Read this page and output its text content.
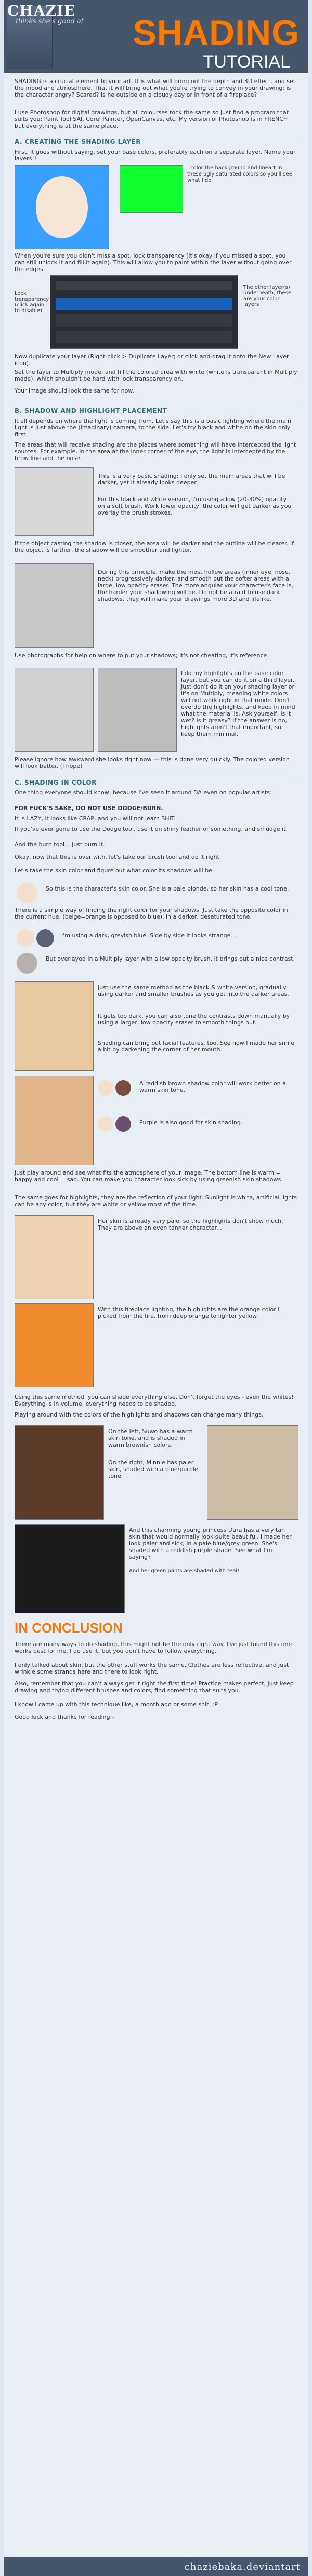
CHAZIE
thinks she's good at SHADING
TUTORIAL
SHADING is a crucial element to your art. It is what will bring out the depth and 3D effect, and set the mood and atmosphere. That it will bring out what you're trying to convey in your drawing; is the character angry? Scared? Is he outside on a cloudy day or in front of a fireplace?
I use Photoshop for digital drawings, but all colourses rock the same so just find a program that suits you: Paint Tool SAI, Corel Painter, OpenCanvas, etc. My version of Photoshop is in FRENCH but everything is at the same place.
A. CREATING THE SHADING LAYER
First, it goes without saying, set your base colors, preferably each on a separate layer. Name your layers!!
I color the background and lineart in these ugly saturated colors so you'll see what I do.
When you're sure you didn't miss a spot, lock transparency (it's okay if you missed a spot, you can still unlock it and fill it again). This will allow you to paint within the layer without going over the edges.
Lock transparency (click again to disable)
The other layer(s) underneath, these are your color layers
Now duplicate your layer (Right-click > Duplicate Layer; or click and drag it onto the New Layer icon).
Set the layer to Multiply mode, and fill the colored area with white (white is transparent in Multiply mode), which shouldn't be hard with lock transparency on.
Your image should look the same for now.
B. SHADOW AND HIGHLIGHT PLACEMENT
It all depends on where the light is coming from. Let's say this is a basic lighting where the main light is just above the (imaginary) camera, to the side. Let's try black and white on the skin only first.
The areas that will receive shading are the places where something will have intercepted the light sources. For example, in the area at the inner corner of the eye, the light is intercepted by the brow line and the nose.
This is a very basic shading: I only set the main areas that will be darker, yet it already looks deeper.
For this black and white version, I'm using a low (20-30%) opacity on a soft brush. Work lower opacity, the color will get darker as you overlay the brush strokes.
If the object casting the shadow is closer, the area will be darker and the outline will be clearer. If the object is farther, the shadow will be smoother and lighter.
During this principle, make the most hollow areas (inner eye, nose, neck) progressively darker, and smooth out the softer areas with a large, low opacity eraser. The more angular your character's face is, the harder your shadowing will be. Do not be afraid to use dark shadows, they will make your drawings more 3D and lifelike.
Use photographs for help on where to put your shadows; it's not cheating, it's reference.
I do my highlights on the base color layer, but you can do it on a third layer. Just don't do it on your shading layer or it's on Multiply, meaning white colors will not work right in that mode. Don't overdo the highlights, and keep in mind what the material is. Ask yourself, is it wet? Is it greasy? If the answer is no, highlights aren't that important, so keep them minimal.
Please ignore how awkward she looks right now — this is done very quickly. The colored version will look better. (I hope)
C. SHADING IN COLOR
One thing everyone should know, because I've seen it around DA even on popular artists:
FOR FUCK'S SAKE, DO NOT USE DODGE/BURN.
It is LAZY, it looks like CRAP, and you will not learn SHIT.
If you've ever gone to use the Dodge tool, use it on shiny leather or something, and smudge it.
And the burn tool... Just burn it.
Okay, now that this is over with, let's take our brush tool and do it right.
Let's take the skin color and figure out what color its shadows will be.
So this is the character's skin color. She is a pale blonde, so her skin has a cool tone.
There is a simple way of finding the right color for your shadows. Just take the opposite color in the current hue, (beige=orange is opposed to blue), in a darker, desaturated tone.
I'm using a dark, greyish blue. Side by side it looks strange...
But overlayed in a Multiply layer with a low opacity brush, it brings out a nice contrast.
Just use the same method as the black & white version, gradually using darker and smaller brushes as you get into the darker areas.
It gets too dark, you can also tone the contrasts down manually by using a larger, low opacity eraser to smooth things out.
Shading can bring out facial features, too. See how I made her smile a bit by darkening the corner of her mouth.
A reddish brown shadow color will work better on a warm skin tone.
Purple is also good for skin shading.
Just play around and see what fits the atmosphere of your image. The bottom line is warm = happy and cool = sad. You can make you character look sick by using greenish skin shadows.
The same goes for highlights, they are the reflection of your light. Sunlight is white, artificial lights can be any color, but they are white or yellow most of the time.
Her skin is already very pale, so the highlights don't show much. They are above an even tanner character...
With this fireplace lighting, the highlights are the orange color I picked from the fire, from deep orange to lighter yellow.
Using this same method, you can shade everything else. Don't forget the eyes - even the whites! Everything is in volume, everything needs to be shaded.
Playing around with the colors of the highlights and shadows can change many things.
On the left, Suwo has a warm skin tone, and is shaded in warm brownish colors.
On the right, Minnie has paler skin, shaded with a blue/purple tone.
And this charming young princess Dura has a very tan skin that would normally look quite beautiful. I made her look paler and sick, in a pale blue/grey green. She's shaded with a reddish purple shade. See what I'm saying?
And her green pants are shaded with teal!
IN CONCLUSION
There are many ways to do shading, this might not be the only right way. I've just found this one works best for me. I do use it, but you don't have to follow everything.
I only talked about skin, but the other stuff works the same. Clothes are less reflective, and just wrinkle some strands here and there to look right.
Also, remember that you can't always get it right the first time! Practice makes perfect, just keep drawing and trying different brushes and colors, find something that suits you.
I know I came up with this technique like, a month ago or some shit. :P
Good luck and thanks for reading~
chaziebaka.deviantart
